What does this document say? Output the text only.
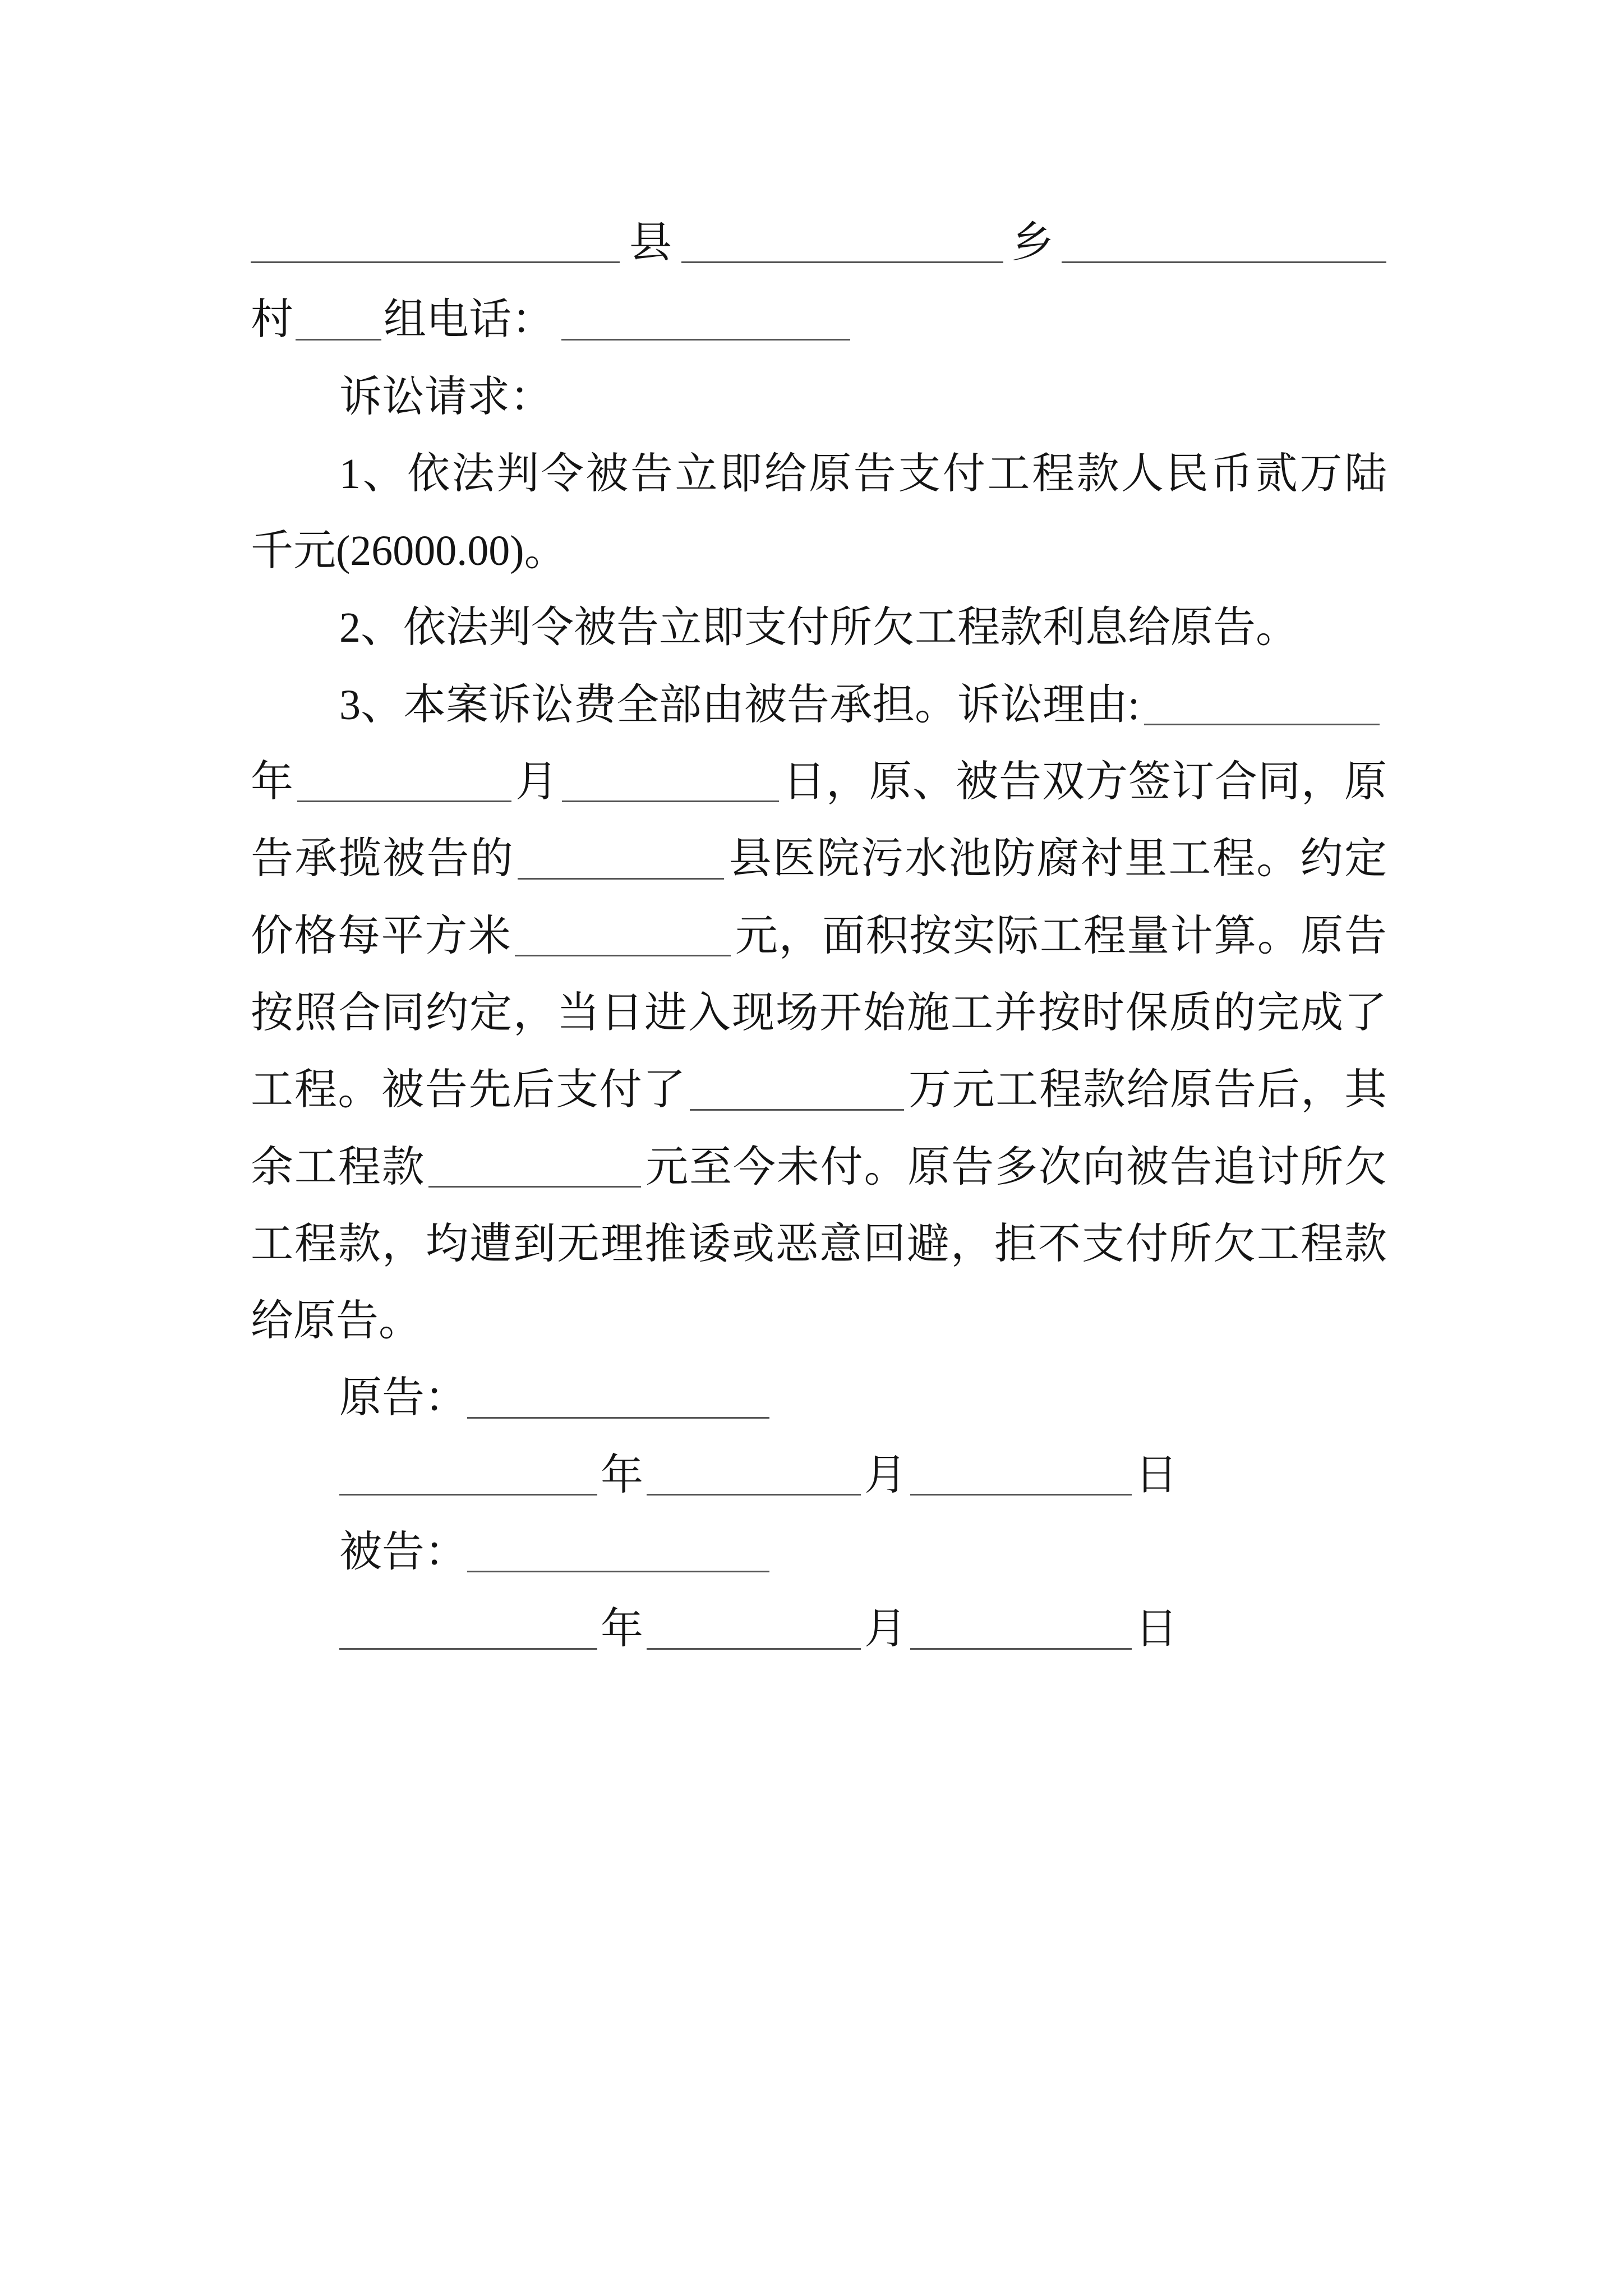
县	乡
村 组电话：
诉讼请求：
1、依法判令被告立即给原告支付工程款人民币贰万陆
千元(26000.00)。
2、依法判令被告立即支付所欠工程款利息给原告。
3、本案诉讼费全部由被告承担。诉讼理由:
年	月	日，原、被告双方签订合同，原
告承揽被告的	县医院污水池防腐衬里工程。约定
价格每平方米	元，面积按实际工程量计算。原告
按照合同约定，当日进入现场开始施工并按时保质的完成了
工程。被告先后支付了	万元工程款给原告后，其
余工程款	元至今未付。原告多次向被告追讨所欠
工程款，均遭到无理推诿或恶意回避，拒不支付所欠工程款
给原告。
原告：
年	月	日
被告：
年	月	日
